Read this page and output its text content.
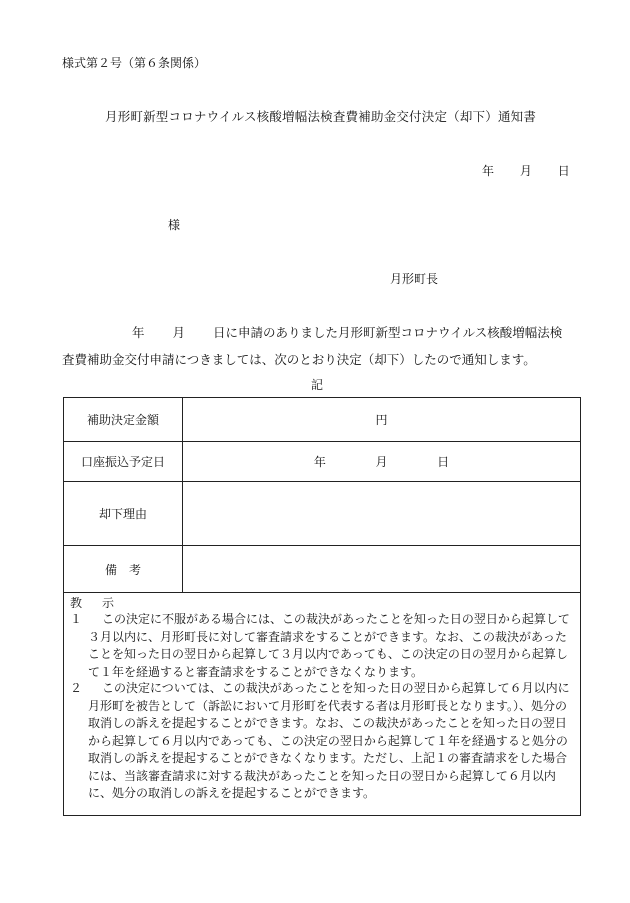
様式第２号（第６条関係）
月形町新型コロナウイルス核酸増幅法検査費補助金交付決定（却下）通知書
年 月 日
様
月形町長
年 月 日に申請のありました月形町新型コロナウイルス核酸増幅法検
査費補助金交付申請につきましては、次のとおり決定（却下）したので通知します。
記
補助決定金額	円
口座振込予定日	年 月 日
却下理由	
備　考	
教　示
１	この決定に不服がある場合には、この裁決があったことを知った日の翌日から起算して３月以内に、月形町長に対して審査請求をすることができます。なお、この裁決があったことを知った日の翌日から起算して３月以内であっても、この決定の日の翌月から起算して１年を経過すると審査請求をすることができなくなります。
２	この決定については、この裁決があったことを知った日の翌日から起算して６月以内に月形町を被告として（訴訟において月形町を代表する者は月形町長となります。）、処分の取消しの訴えを提起することができます。なお、この裁決があったことを知った日の翌日から起算して６月以内であっても、この決定の翌日から起算して１年を経過すると処分の取消しの訴えを提起することができなくなります。ただし、上記１の審査請求をした場合には、当該審査請求に対する裁決があったことを知った日の翌日から起算して６月以内に、処分の取消しの訴えを提起することができます。
